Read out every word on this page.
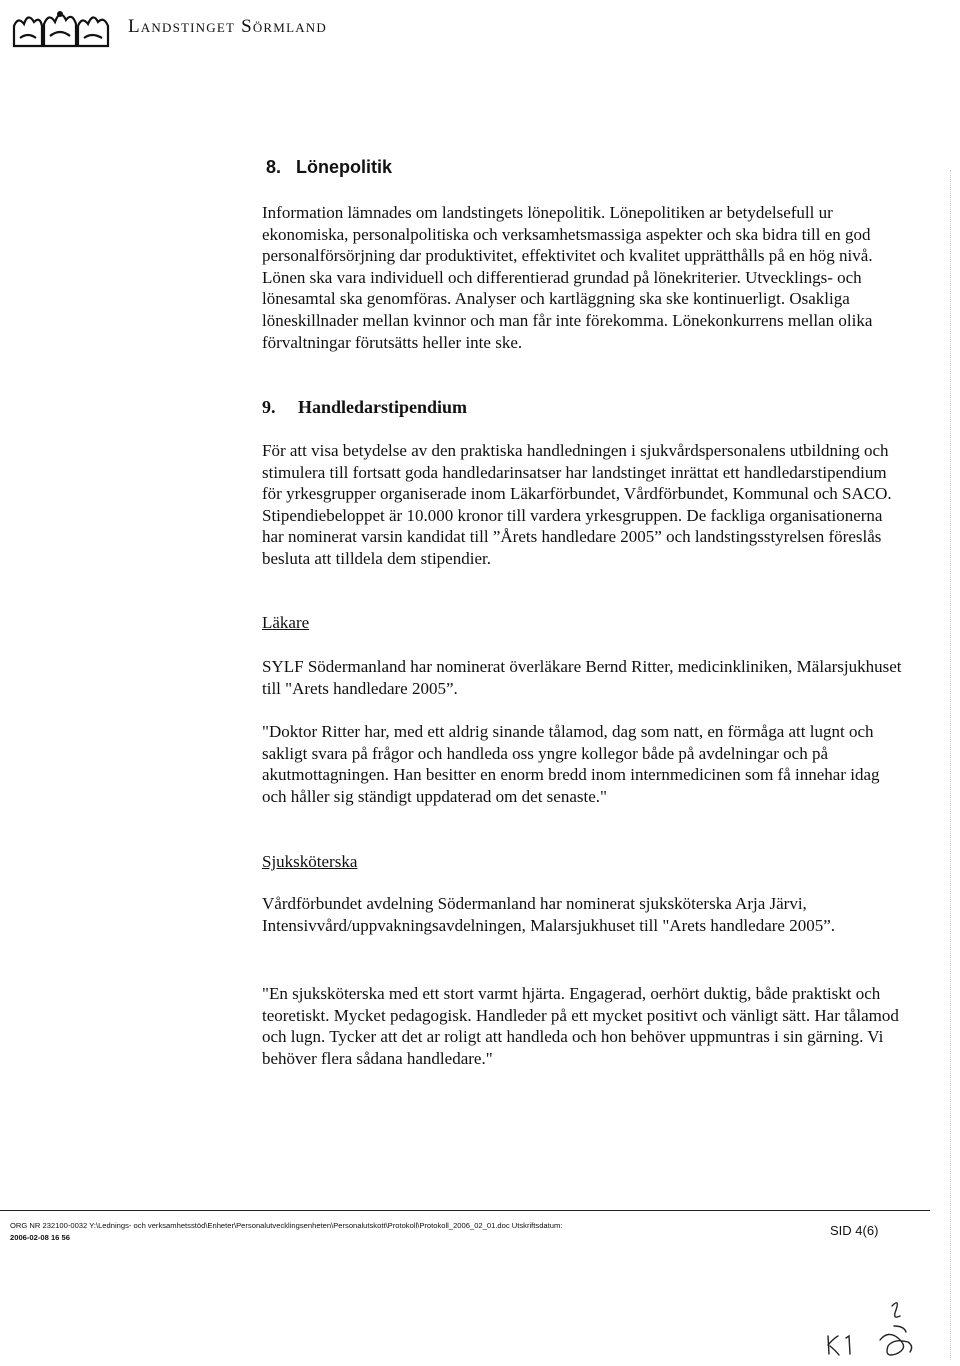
Landstinget Sörmland
8. Lönepolitik
Information lämnades om landstingets lönepolitik. Lönepolitiken ar betydelsefull ur ekonomiska, personalpolitiska och verksamhetsmassiga aspekter och ska bidra till en god personalförsörjning dar produktivitet, effektivitet och kvalitet upprätthålls på en hög nivå. Lönen ska vara individuell och differentierad grundad på lönekriterier. Utvecklings- och lönesamtal ska genomföras. Analyser och kartläggning ska ske kontinuerligt. Osakliga löneskillnader mellan kvinnor och man får inte förekomma. Lönekonkurrens mellan olika förvaltningar förutsätts heller inte ske.
9. Handledarstipendium
För att visa betydelse av den praktiska handledningen i sjukvårdspersonalens utbildning och stimulera till fortsatt goda handledarinsatser har landstinget inrättat ett handledarstipendium för yrkesgrupper organiserade inom Läkarförbundet, Vårdförbundet, Kommunal och SACO. Stipendiebeloppet är 10.000 kronor till vardera yrkesgruppen. De fackliga organisationerna har nominerat varsin kandidat till ”Årets handledare 2005” och landstingsstyrelsen föreslås besluta att tilldela dem stipendier.
Läkare
SYLF Södermanland har nominerat överläkare Bernd Ritter, medicinkliniken, Mälarsjukhuset till "Arets handledare 2005”.
"Doktor Ritter har, med ett aldrig sinande tålamod, dag som natt, en förmåga att lugnt och sakligt svara på frågor och handleda oss yngre kollegor både på avdelningar och på akutmottagningen. Han besitter en enorm bredd inom internmedicinen som få innehar idag och håller sig ständigt uppdaterad om det senaste."
Sjuksköterska
Vårdförbundet avdelning Södermanland har nominerat sjuksköterska Arja Järvi, Intensivvård/uppvakningsavdelningen, Malarsjukhuset till "Arets handledare 2005”.
"En sjuksköterska med ett stort varmt hjärta. Engagerad, oerhört duktig, både praktiskt och teoretiskt. Mycket pedagogisk. Handleder på ett mycket positivt och vänligt sätt. Har tålamod och lugn. Tycker att det ar roligt att handleda och hon behöver uppmuntras i sin gärning. Vi behöver flera sådana handledare."
ORG NR 232100-0032 Y:\Lednings- och verksamhetsstöd\Enheter\Personalutvecklingsenheten\Personalutskott\Protokoll\Protokoll_2006_02_01.doc Utskriftsdatum:
2006-02-08 16 56	SID 4(6)
